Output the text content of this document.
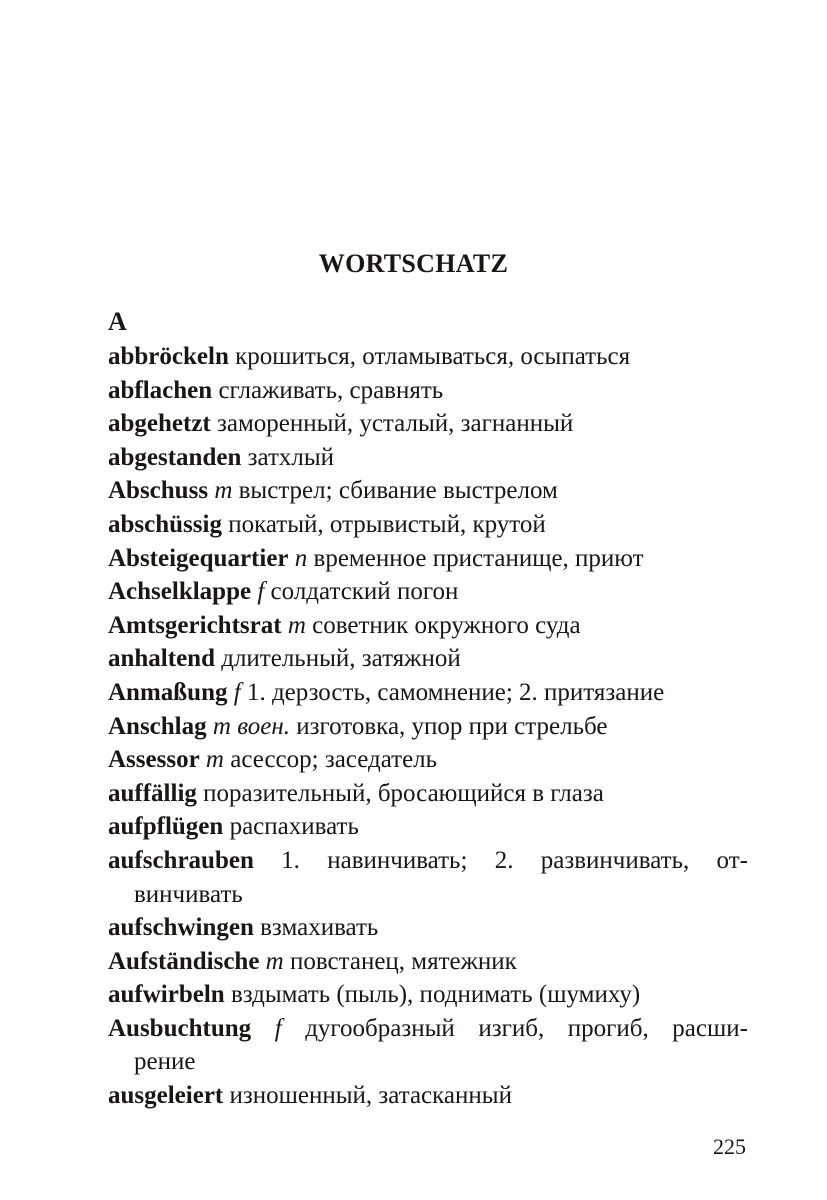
WORTSCHATZ
A
abbröckeln крошиться, отламываться, осыпаться
abflachen сглаживать, сравнять
abgehetzt заморенный, усталый, загнанный
abgestanden затхлый
Abschuss m выстрел; сбивание выстрелом
abschüssig покатый, отрывистый, крутой
Absteigequartier n временное пристанище, приют
Achselklappe f солдатский погон
Amtsgerichtsrat m советник окружного суда
anhaltend длительный, затяжной
Anmaßung f 1. дерзость, самомнение; 2. притязание
Anschlag m воен. изготовка, упор при стрельбе
Assessor m асессор; заседатель
auffällig поразительный, бросающийся в глаза
aufpflügen распахивать
aufschrauben 1. навинчивать; 2. развинчивать, от-
винчивать
aufschwingen взмахивать
Aufständische m повстанец, мятежник
aufwirbeln вздымать (пыль), поднимать (шумиху)
Ausbuchtung f дугообразный изгиб, прогиб, расши-
рение
ausgeleiert изношенный, затасканный
225
